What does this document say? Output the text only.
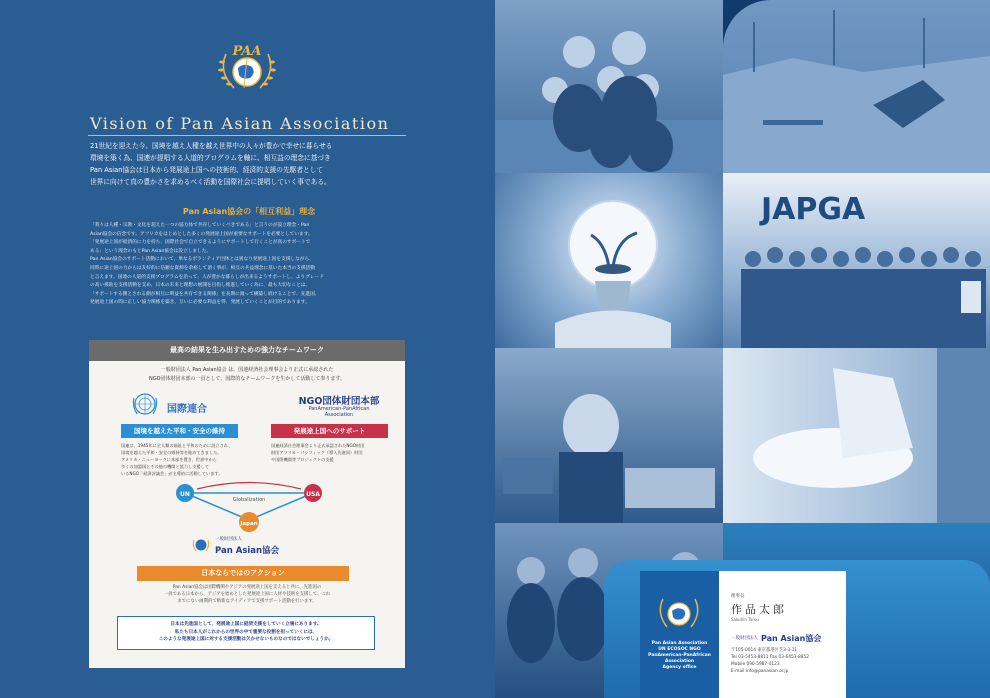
PAA
Vision of Pan Asian Association

21世紀を迎えた今、国境を越え人種を越え世界中の人々が豊かで幸せに暮らせる

環境を築く為、国連が提唱する人道的プログラムを軸に、相互益の理念に基づき

Pan Asian協会は日本から発展途上国への技術的、経済的支援の先駆者として

世界に向けて真の豊かさを求めるべく活動を国際社会に提唱していく事である。

Pan Asian協会の「相互利益」理念

「我々は人種・宗教・文化を超えた一つの協力体で共存していくべきである」と言うのが設立理念・Pan

Asian協会の信念です。アフリカをはじめとした多くの発展途上国が重要なサポートを必要としています。

「発展途上国が経済的に力を持ち、国際社会で自立できるようにサポートして行くことが真のサポートで

ある」という理念のもとPan Asian協会は設立しました。

Pan Asian協会のサポート活動において、単なるボランティア団体とは異なり発展途上国を支援しながら、

同時に途上国の力からは友好的に信頼な資源を余裕して頂く事が、相互の共益理念に基いた本当の支援活動

と言えます。国連の人道的支援プログラムを沿って、人が豊かな暮らしが出来るようサポートし、よりグレード

の高い援助を支援活動を支め、日本の未来と理想の展開を目指し推進していく為に、最も大切なことは、

「サポートする側とされる側が相互に利益を共有できる関係」を長期に渡って構築し続けることで、先進国、

発展途上国の間に正しい協力関係を築き、互いに必要な利益を得、発展していくことが目的であります。

最高の結果を生み出すための強力なチームワーク

一般財団法人 Pan Asian協会 は、国連経済社会理事会より正式に承認された

NGO団体財団本部の一員として、国際的なチームワークを生かして活動して参ります。

国際連合
NGO団体財団本部
PanAmerican-PanAfrican
Association
国境を越えた平和・安全の維持	発展途上国へのサポート

国連は、1945年に全人類の福祉と平和のために設立され、

国境を越えた平和・安全の維持等を進めてきました。

アメリカ・ニューヨークに本部を置き、世界中から

多くの加盟国とその他の機関と協力し支援して

いるNGO「経済評議会」が主導的に活動しています。

国連経済社会理事会より正式承認されたNGO財団

財団アフリカ・パシフィック（導入先進国）財団

や国際機関等プロジェクトの支援

UN	USA
Japan
Globalization
一般財団法人
Pan Asian協会
日本ならではのアクション

Pan Asian協会は国際機関やアジアの発展途上国を支えると共に、先進国の

一員である日本から、アジアを始めとした発展途上国に人材や技術を支援して、これ

までにない画期的で斬新なアイディアで支援サポート活動を行います。

日本は先進国として、発展途上国に経済支援をしていく立場にあります。

私たち日本人がこれからの世界の中で重要な役割を担っていくには、

このような発展途上国に対する支援活動は欠かせないものなのではないでしょうか。

JAPGA
Pan Asian Association
UN ECOSOC NGO
PanAmerican-PanAfrican Association
Agency office
理事長
作品太郎
Sakuhin Tarou
一般財団法人 Pan Asian協会

〒105-0014 東京都港区芝3-3-11

Tel 03-5453-8811 Fax 03-6453-8852

Mobile 090-5987-0123

E-mail info@panasian.or.jp
